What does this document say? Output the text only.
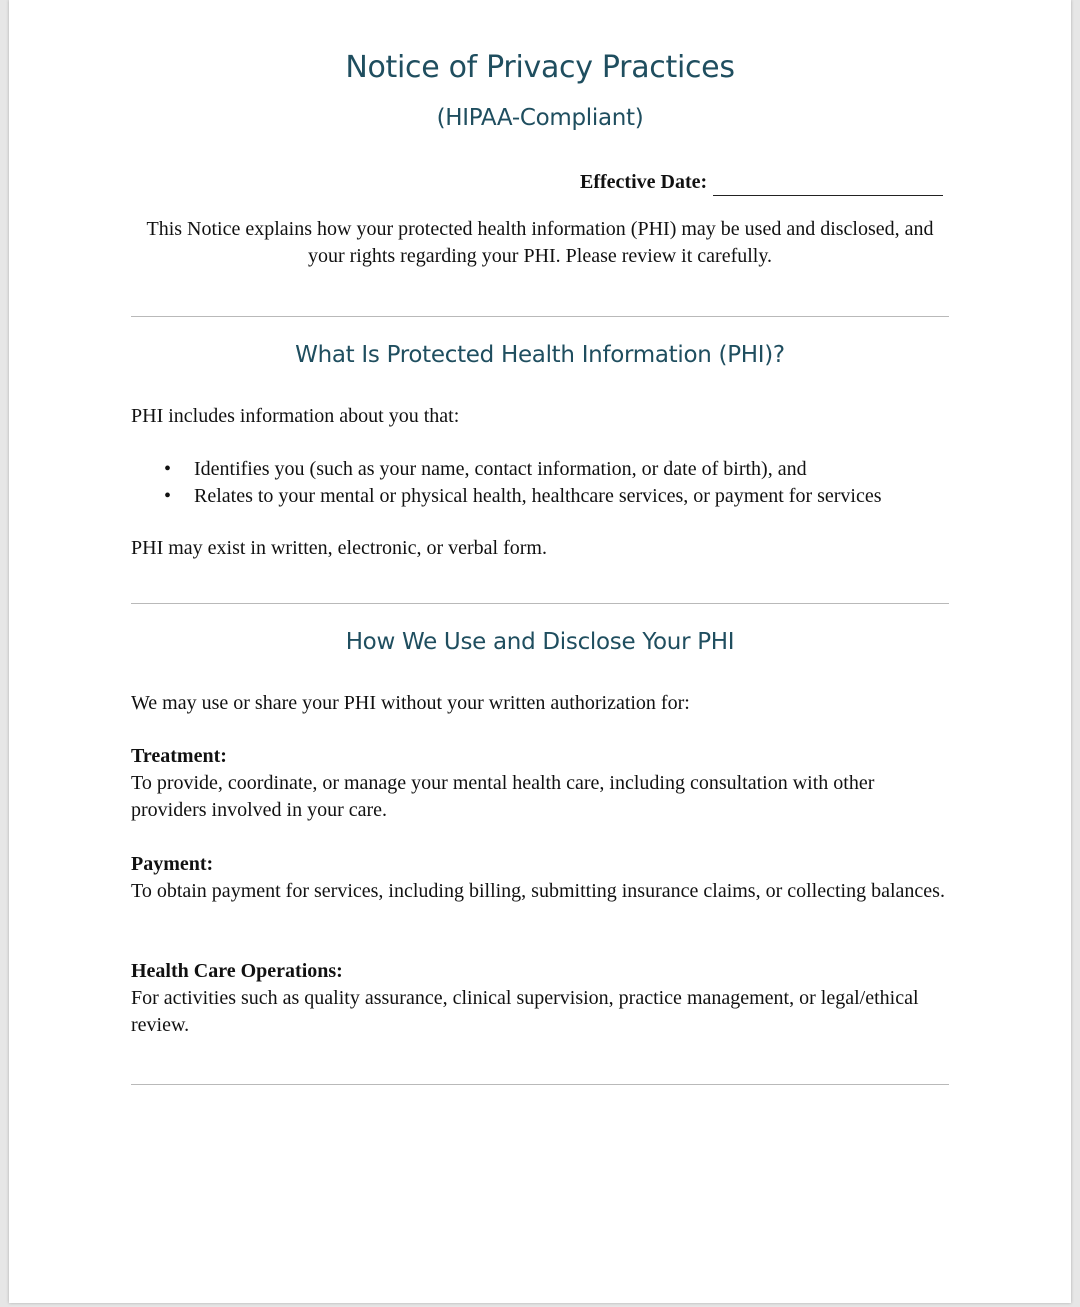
Notice of Privacy Practices
(HIPAA-Compliant)
Effective Date:

This Notice explains how your protected health information (PHI) may be used and disclosed, and your rights regarding your PHI. Please review it carefully.

What Is Protected Health Information (PHI)?

PHI includes information about you that:

• Identifies you (such as your name, contact information, or date of birth), and
• Relates to your mental or physical health, healthcare services, or payment for services

PHI may exist in written, electronic, or verbal form.

How We Use and Disclose Your PHI

We may use or share your PHI without your written authorization for:

Treatment:
To provide, coordinate, or manage your mental health care, including consultation with other providers involved in your care.
Payment:
To obtain payment for services, including billing, submitting insurance claims, or collecting balances.
Health Care Operations:
For activities such as quality assurance, clinical supervision, practice management, or legal/ethical review.
